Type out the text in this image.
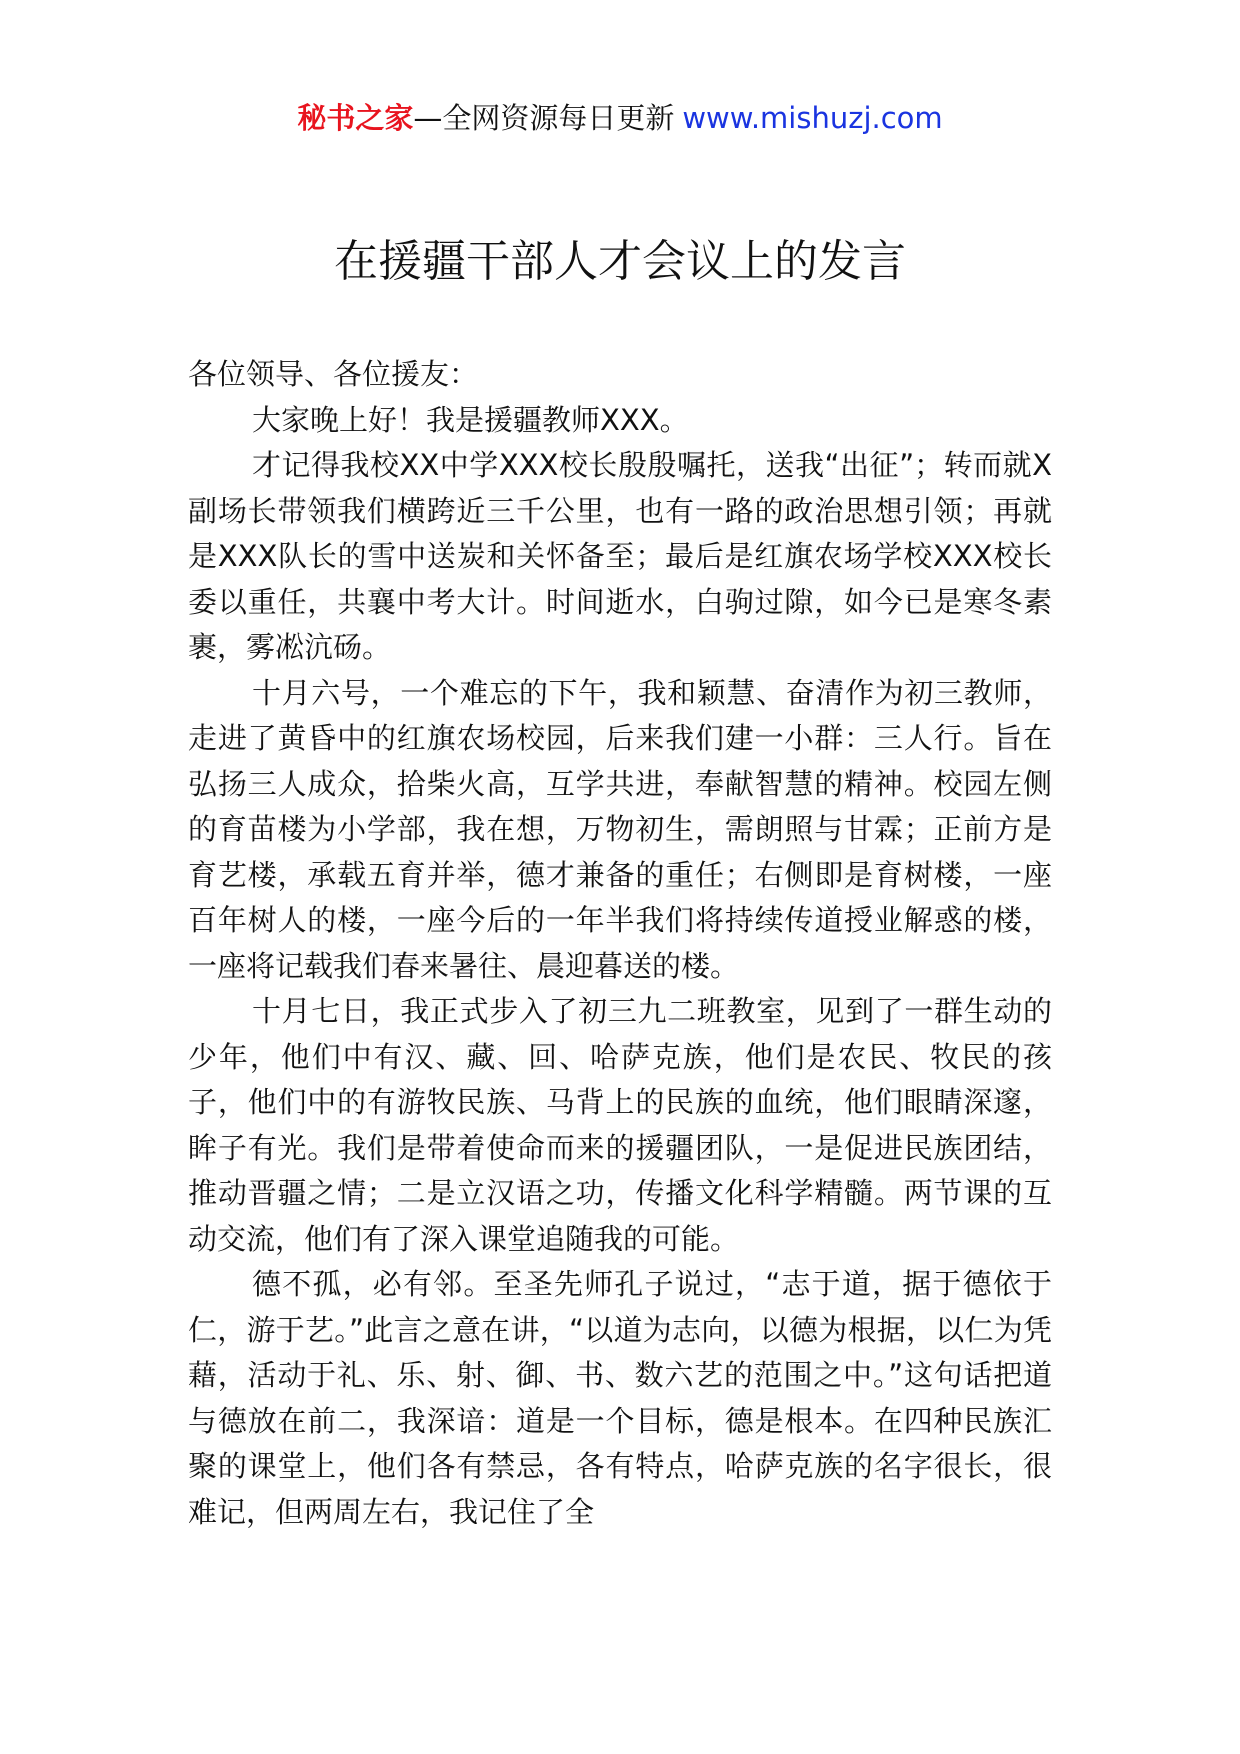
秘书之家—全网资源每日更新 www.mishuzj.com
在援疆干部人才会议上的发言

各位领导、各位援友：

大家晚上好！我是援疆教师XXX。

才记得我校XX中学XXX校长殷殷嘱托，送我“出征”；转而就X副场长带领我们横跨近三千公里，也有一路的政治思想引领；再就是XXX队长的雪中送炭和关怀备至；最后是红旗农场学校XXX校长委以重任，共襄中考大计。时间逝水，白驹过隙，如今已是寒冬素裹，雾凇沆砀。

十月六号，一个难忘的下午，我和颖慧、奋清作为初三教师，走进了黄昏中的红旗农场校园，后来我们建一小群：三人行。旨在弘扬三人成众，拾柴火高，互学共进，奉献智慧的精神。校园左侧的育苗楼为小学部，我在想，万物初生，需朗照与甘霖；正前方是育艺楼，承载五育并举，德才兼备的重任；右侧即是育树楼，一座百年树人的楼，一座今后的一年半我们将持续传道授业解惑的楼，一座将记载我们春来暑往、晨迎暮送的楼。

十月七日，我正式步入了初三九二班教室，见到了一群生动的少年，他们中有汉、藏、回、哈萨克族，他们是农民、牧民的孩子，他们中的有游牧民族、马背上的民族的血统，他们眼睛深邃，眸子有光。我们是带着使命而来的援疆团队，一是促进民族团结，推动晋疆之情；二是立汉语之功，传播文化科学精髓。两节课的互动交流，他们有了深入课堂追随我的可能。

德不孤，必有邻。至圣先师孔子说过，“志于道，据于德依于仁，游于艺。”此言之意在讲，“以道为志向，以德为根据，以仁为凭藉，活动于礼、乐、射、御、书、数六艺的范围之中。”这句话把道与德放在前二，我深谙：道是一个目标，德是根本。在四种民族汇聚的课堂上，他们各有禁忌，各有特点，哈萨克族的名字很长，很难记，但两周左右，我记住了全
